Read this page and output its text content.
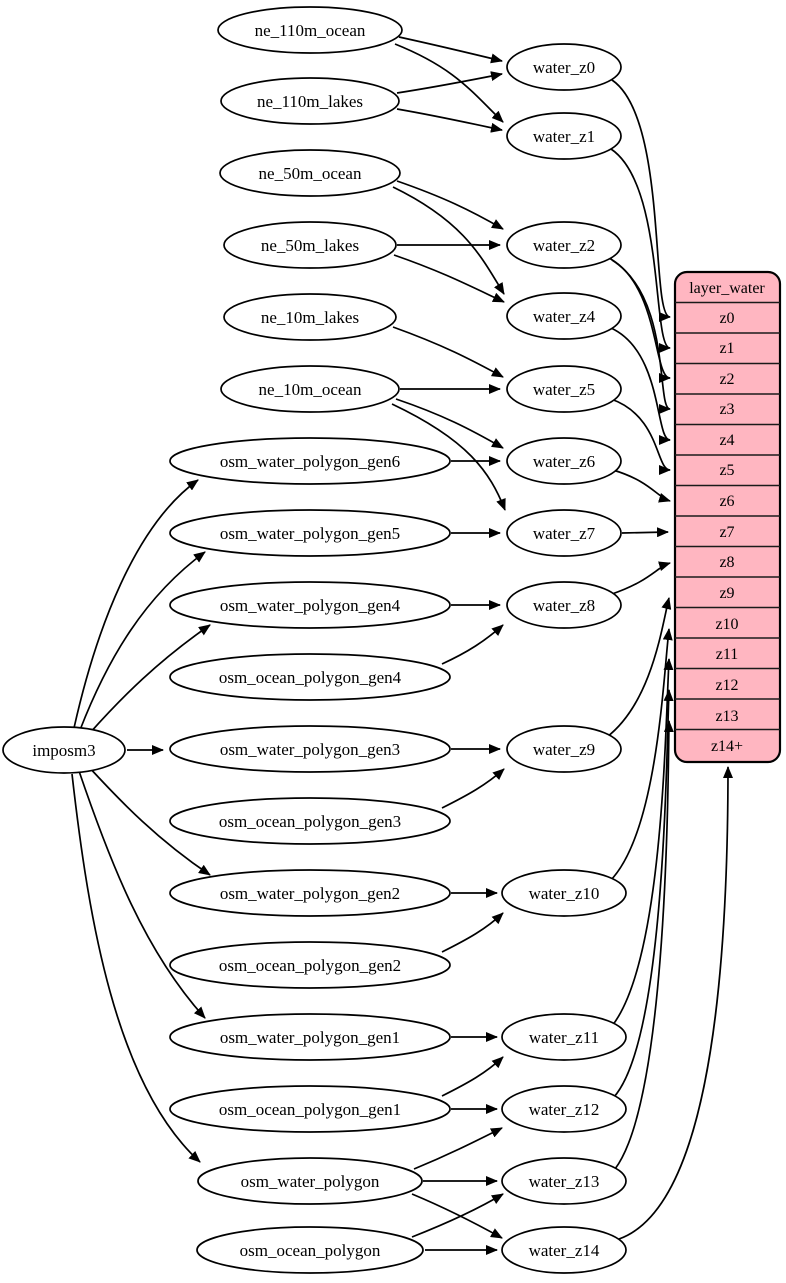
ne_110m_ocean
ne_110m_lakes
ne_50m_ocean
ne_50m_lakes
ne_10m_lakes
ne_10m_ocean
osm_water_polygon_gen6
osm_water_polygon_gen5
osm_water_polygon_gen4
osm_ocean_polygon_gen4
imposm3	osm_water_polygon_gen3
osm_ocean_polygon_gen3
osm_water_polygon_gen2
osm_ocean_polygon_gen2
osm_water_polygon_gen1
osm_ocean_polygon_gen1
osm_water_polygon
osm_ocean_polygon
water_z0
water_z1
water_z2
water_z4
water_z5
water_z6
water_z7
water_z8
water_z9
water_z10
water_z11
water_z12
water_z13
water_z14
layer_water
z0
z1
z2
z3
z4
z5
z6
z7
z8
z9
z10
z11
z12
z13
z14+
